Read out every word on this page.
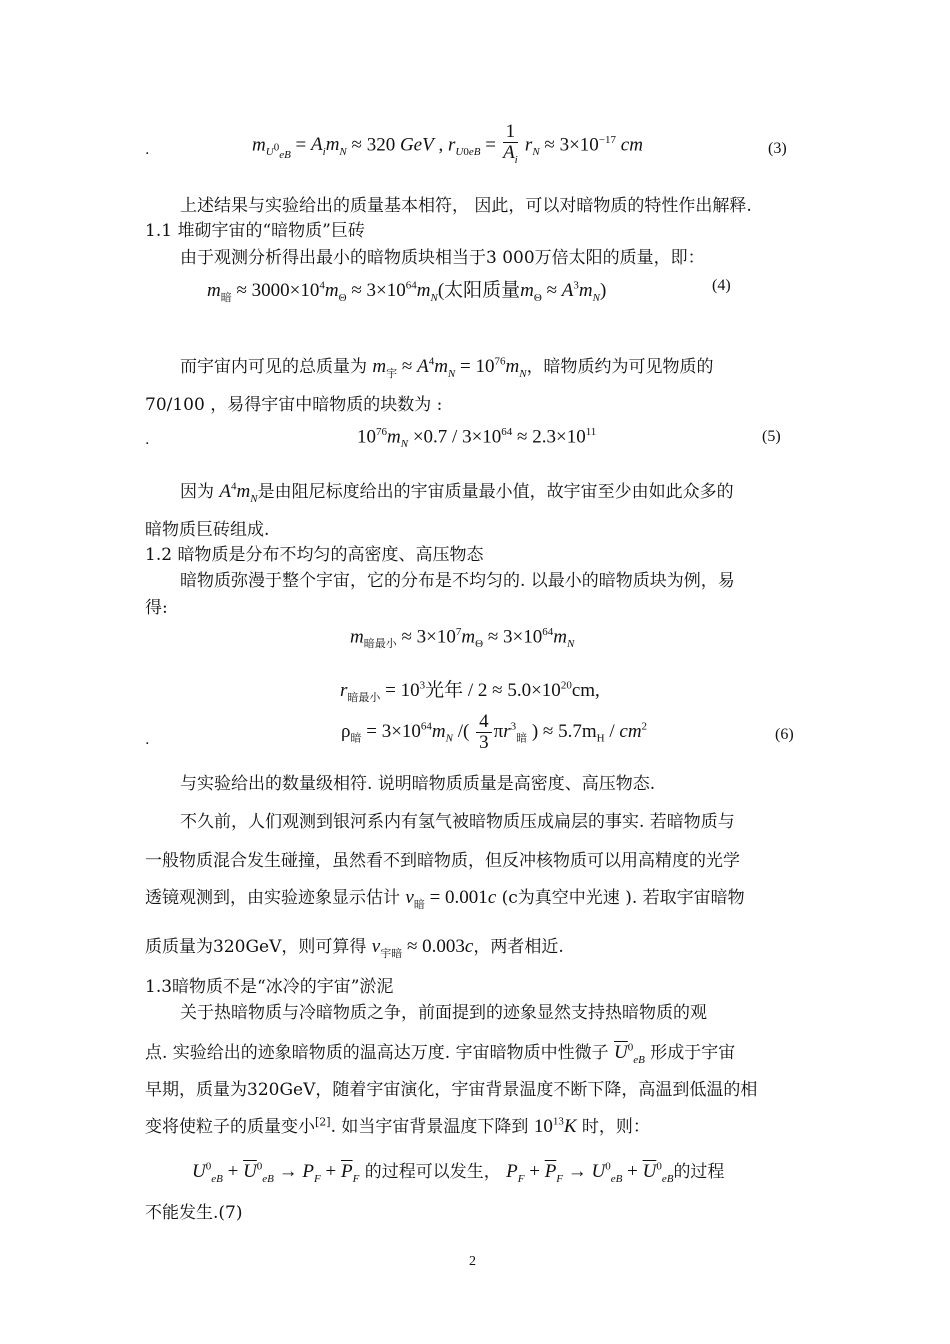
.	$m_{U^0_{eB}} = A_im_N \approx 320$ GeV , $r_{U0eB} = \frac{1}{A_i} r_N \approx 3\times 10^{-17}$ cm	(3)
上述结果与实验给出的质量基本相符， 因此，可以对暗物质的特性作出解释.
1.1 堆砌宇宙的“暗物质”巨砖
由于观测分析得出最小的暗物质块相当于3 000万倍太阳的质量，即：
$m_暗 \approx 3000\times 10^4m_\Theta \approx 3\times 10^{64}m_N$(太阳质量$m_\Theta \approx A^3m_N$)	(4)
而宇宙内可见的总质量为 $m_宇 \approx A^4m_N = 10^{76}m_N$，暗物质约为可见物质的
70/100 ，易得宇宙中暗物质的块数为 :
.	$10^{76}m_N \times 0.7 / 3\times 10^{64} \approx 2.3\times 10^{11}$	(5)
因为 $A^4m_N$是由阻尼标度给出的宇宙质量最小值，故宇宙至少由如此众多的
暗物质巨砖组成.
1.2 暗物质是分布不均匀的高密度、高压物态
暗物质弥漫于整个宇宙，它的分布是不均匀的. 以最小的暗物质块为例，易
得:
$m_{暗最小} \approx 3\times 10^7m_\Theta \approx 3\times 10^{64}m_N$
$r_{暗最小} = 10^3$光年 / $2 \approx 5.0\times 10^{20}cm$,
.	$\rho_暗 = 3\times 10^{64}m_N$ /( $\frac{4}{3} \pi r^3_暗$ ) ≈ $5.7m_H / cm^2$	(6)
与实验给出的数量级相符. 说明暗物质质量是高密度、高压物态.
不久前，人们观测到银河系内有氢气被暗物质压成扁层的事实. 若暗物质与
一般物质混合发生碰撞，虽然看不到暗物质，但反冲核物质可以用高精度的光学
透镜观测到，由实验迹象显示估计 $v_暗 = 0.001c$ (c为真空中光速 ). 若取宇宙暗物
质质量为320GeV，则可算得 $v_{宇暗} \approx 0.003c$，两者相近.
1.3暗物质不是“冰冷的宇宙”淤泥
关于热暗物质与冷暗物质之争，前面提到的迹象显然支持热暗物质的观
点. 实验给出的迹象暗物质的温高达万度. 宇宙暗物质中性微子 $\overline{U}^0_{eB}$ 形成于宇宙
早期，质量为320GeV，随着宇宙演化，宇宙背景温度不断下降，高温到低温的相
变将使粒子的质量变小[2]. 如当宇宙背景温度下降到 $10^{13}K$ 时，则：
$U^0_{eB} + \overline{U}^0_{eB} \to P_F + \overline{P}_F$ 的过程可以发生， $P_F + \overline{P}_F \to U^0_{eB} + \overline{U}^0_{eB}$的过程
不能发生.(7)
2
